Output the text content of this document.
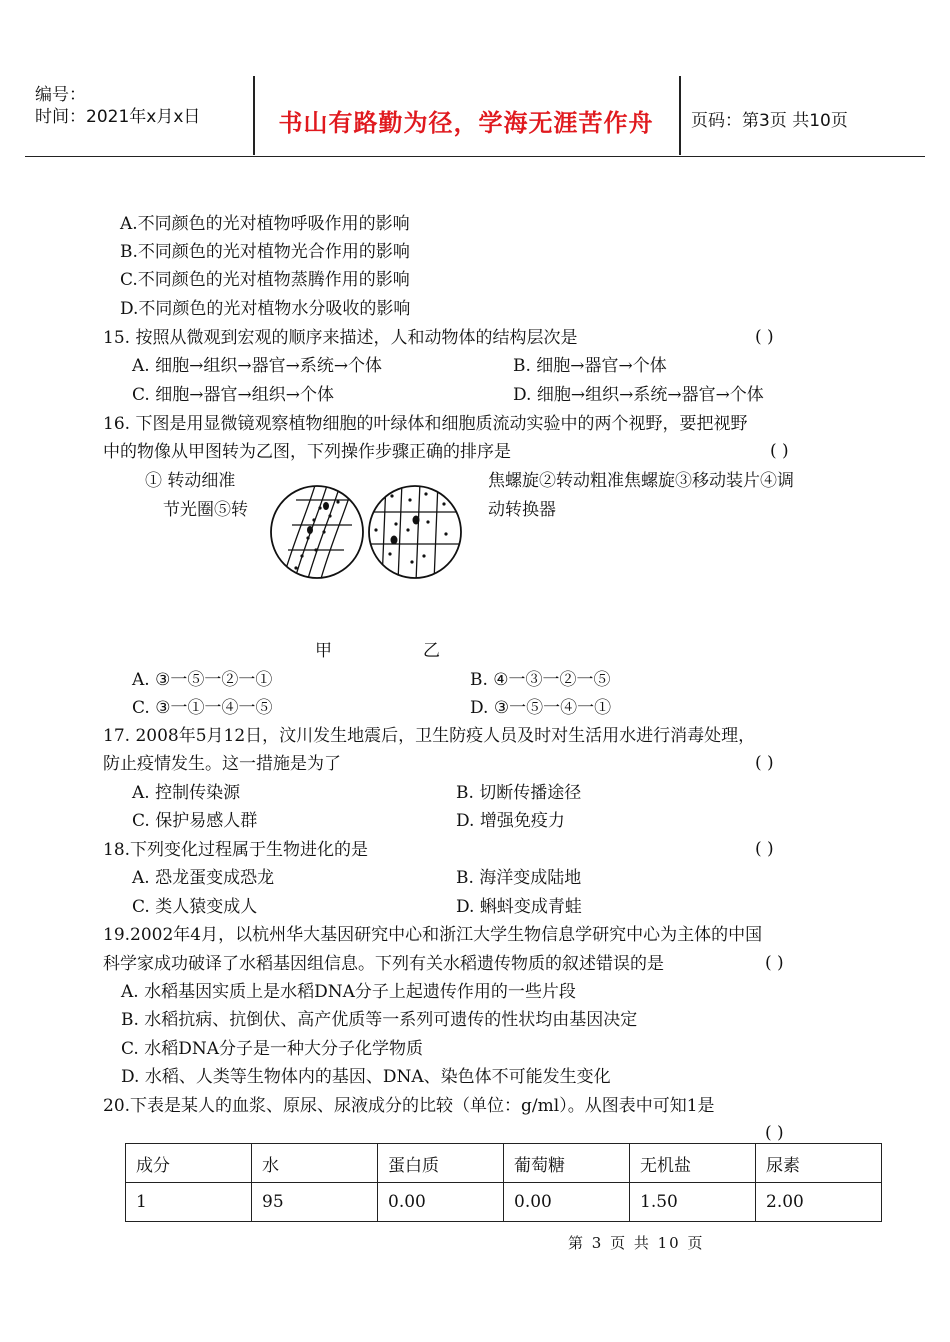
编号：
时间：2021年x月x日	书山有路勤为径，学海无涯苦作舟	页码：第3页 共10页
A.不同颜色的光对植物呼吸作用的影响
B.不同颜色的光对植物光合作用的影响
C.不同颜色的光对植物蒸腾作用的影响
D.不同颜色的光对植物水分吸收的影响
15. 按照从微观到宏观的顺序来描述，人和动物体的结构层次是	( )
A. 细胞→组织→器官→系统→个体	B. 细胞→器官→个体
C. 细胞→器官→组织→个体	D. 细胞→组织→系统→器官→个体
16. 下图是用显微镜观察植物细胞的叶绿体和细胞质流动实验中的两个视野，要把视野
中的物像从甲图转为乙图，下列操作步骤正确的排序是	( )
① 转动细准
节光圈⑤转
焦螺旋②转动粗准焦螺旋③移动装片④调
动转换器
甲	乙
A. ③一⑤一②一①	B. ④一③一②一⑤
C. ③一①一④一⑤	D. ③一⑤一④一①
17. 2008年5月12日，汶川发生地震后，卫生防疫人员及时对生活用水进行消毒处理，
防止疫情发生。这一措施是为了	( )
A. 控制传染源	B. 切断传播途径
C. 保护易感人群	D. 增强免疫力
18.下列变化过程属于生物进化的是	( )
A. 恐龙蛋变成恐龙	B. 海洋变成陆地
C. 类人猿变成人	D. 蝌蚪变成青蛙
19.2002年4月，以杭州华大基因研究中心和浙江大学生物信息学研究中心为主体的中国
科学家成功破译了水稻基因组信息。下列有关水稻遗传物质的叙述错误的是	( )
A. 水稻基因实质上是水稻DNA分子上起遗传作用的一些片段
B. 水稻抗病、抗倒伏、高产优质等一系列可遗传的性状均由基因决定
C. 水稻DNA分子是一种大分子化学物质
D. 水稻、人类等生物体内的基因、DNA、染色体不可能发生变化
20.下表是某人的血浆、原尿、尿液成分的比较（单位：g/ml）。从图表中可知1是
( )
成分	水	蛋白质	葡萄糖	无机盐	尿素
1	95	0.00	0.00	1.50	2.00
第 3 页 共 10 页
